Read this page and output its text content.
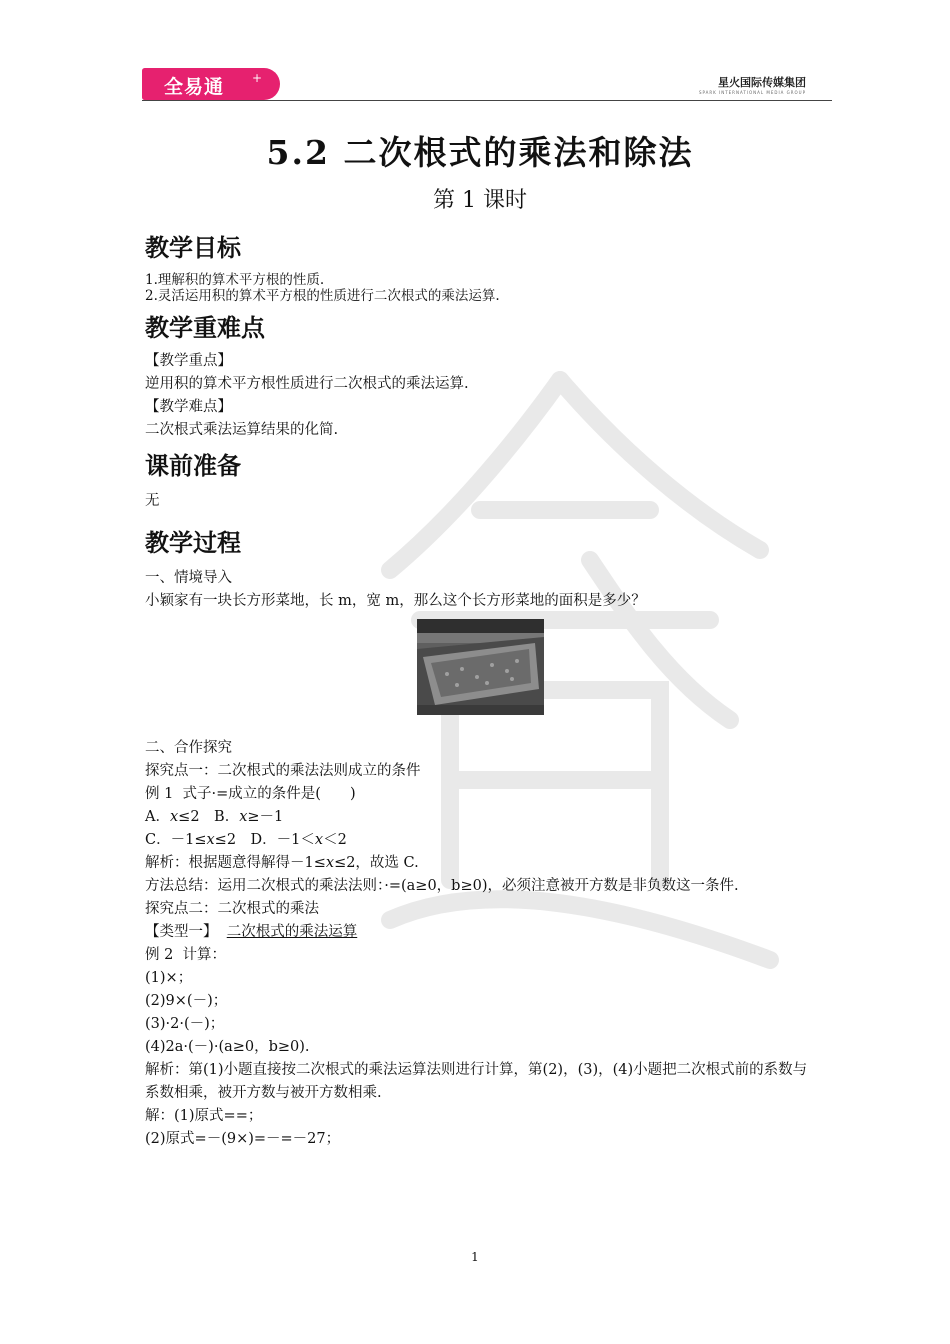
全易通 +	星火国际传媒集团
SPARK INTERNATIONAL MEDIA GROUP
5.2 二次根式的乘法和除法
第 1 课时
教学目标
1.理解积的算术平方根的性质.
2.灵活运用积的算术平方根的性质进行二次根式的乘法运算.
教学重难点
【教学重点】
逆用积的算术平方根性质进行二次根式的乘法运算.
【教学难点】
二次根式乘法运算结果的化简.
课前准备
无
教学过程
一、情境导入
小颖家有一块长方形菜地，长 m，宽 m，那么这个长方形菜地的面积是多少？
二、合作探究
探究点一：二次根式的乘法法则成立的条件
例 1  式子·=成立的条件是(　　)
A．x≤2　B．x≥－1
C．－1≤x≤2　D．－1＜x＜2
解析：根据题意得解得－1≤x≤2，故选 C.
方法总结：运用二次根式的乘法法则：·=(a≥0，b≥0)，必须注意被开方数是非负数这一条件.
探究点二：二次根式的乘法
【类型一】 二次根式的乘法运算
例 2  计算：
(1)×；
(2)9×(－)；
(3)·2·(－)；
(4)2a·(－)·(a≥0，b≥0).
解析：第(1)小题直接按二次根式的乘法运算法则进行计算，第(2)，(3)，(4)小题把二次根式前的系数与系数相乘，被开方数与被开方数相乘.
解：(1)原式==；
(2)原式=－(9×)=－=－27；
1
